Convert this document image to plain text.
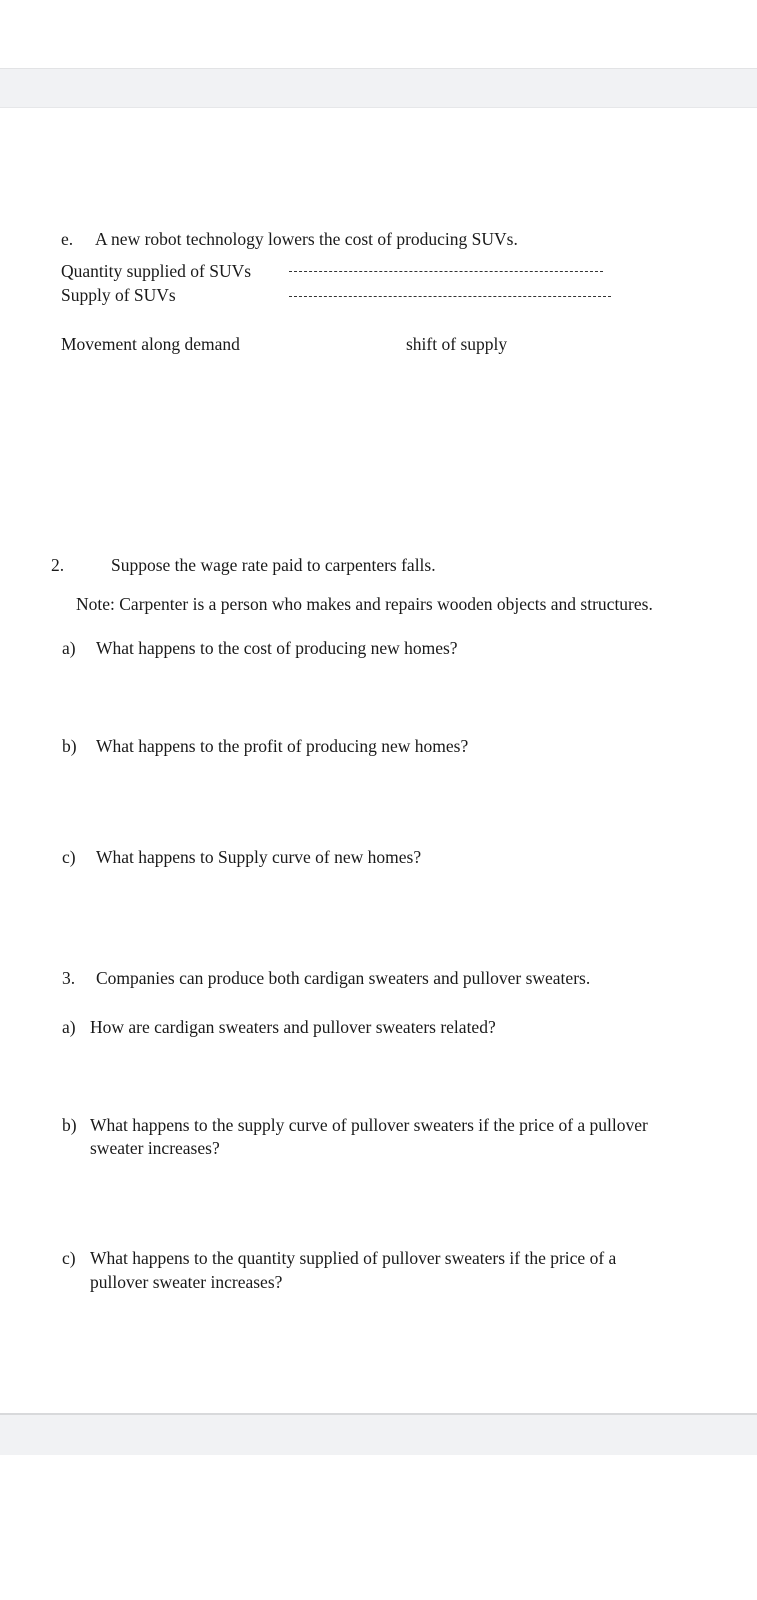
e. A new robot technology lowers the cost of producing SUVs.
Quantity supplied of SUVs
Supply of SUVs
Movement along demand	shift of supply
2.	Suppose the wage rate paid to carpenters falls.
Note: Carpenter is a person who makes and repairs wooden objects and structures.
a) What happens to the cost of producing new homes?
b) What happens to the profit of producing new homes?
c) What happens to Supply curve of new homes?
3. Companies can produce both cardigan sweaters and pullover sweaters.
a) How are cardigan sweaters and pullover sweaters related?
b) What happens to the supply curve of pullover sweaters if the price of a pullover
sweater increases?
c) What happens to the quantity supplied of pullover sweaters if the price of a
pullover sweater increases?
